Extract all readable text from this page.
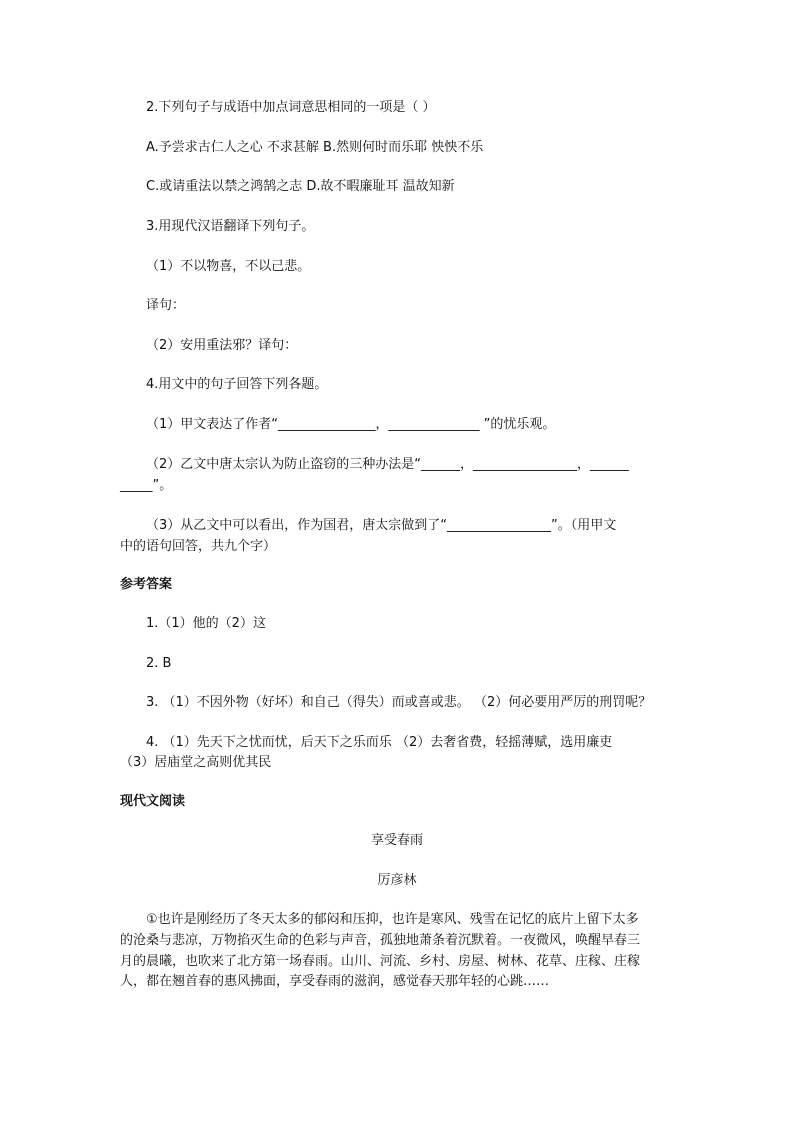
2.下列句子与成语中加点词意思相同的一项是（ ）
A.予尝求古仁人之心 不求甚解 B.然则何时而乐耶 怏怏不乐
C.或请重法以禁之鸿鹄之志 D.故不暇廉耻耳 温故知新
3.用现代汉语翻译下列句子。
（1）不以物喜，不以己悲。
译句：
（2）安用重法邪？译句：
4.用文中的句子回答下列各题。
（1）甲文表达了作者“_______________，______________ ”的忧乐观。
（2）乙文中唐太宗认为防止盗窃的三种办法是“______，________________，______
_____”。
（3）从乙文中可以看出，作为国君，唐太宗做到了“________________”。（用甲文
中的语句回答，共九个字）
参考答案
1.（1）他的（2）这
2. B
3. （1）不因外物（好坏）和自己（得失）而或喜或悲。 （2）何必要用严厉的刑罚呢？
4. （1）先天下之忧而忧，后天下之乐而乐 （2）去奢省费，轻摇薄赋，选用廉吏
（3）居庙堂之高则优其民
现代文阅读
享受春雨
厉彦林
①也许是刚经历了冬天太多的郁闷和压抑，也许是寒风、残雪在记忆的底片上留下太多
的沧桑与悲凉，万物掐灭生命的色彩与声音，孤独地萧条着沉默着。一夜微风，唤醒早春三
月的晨曦，也吹来了北方第一场春雨。山川、河流、乡村、房屋、树林、花草、庄稼、庄稼
人，都在翘首春的惠风拂面，享受春雨的滋润，感觉春天那年轻的心跳……
